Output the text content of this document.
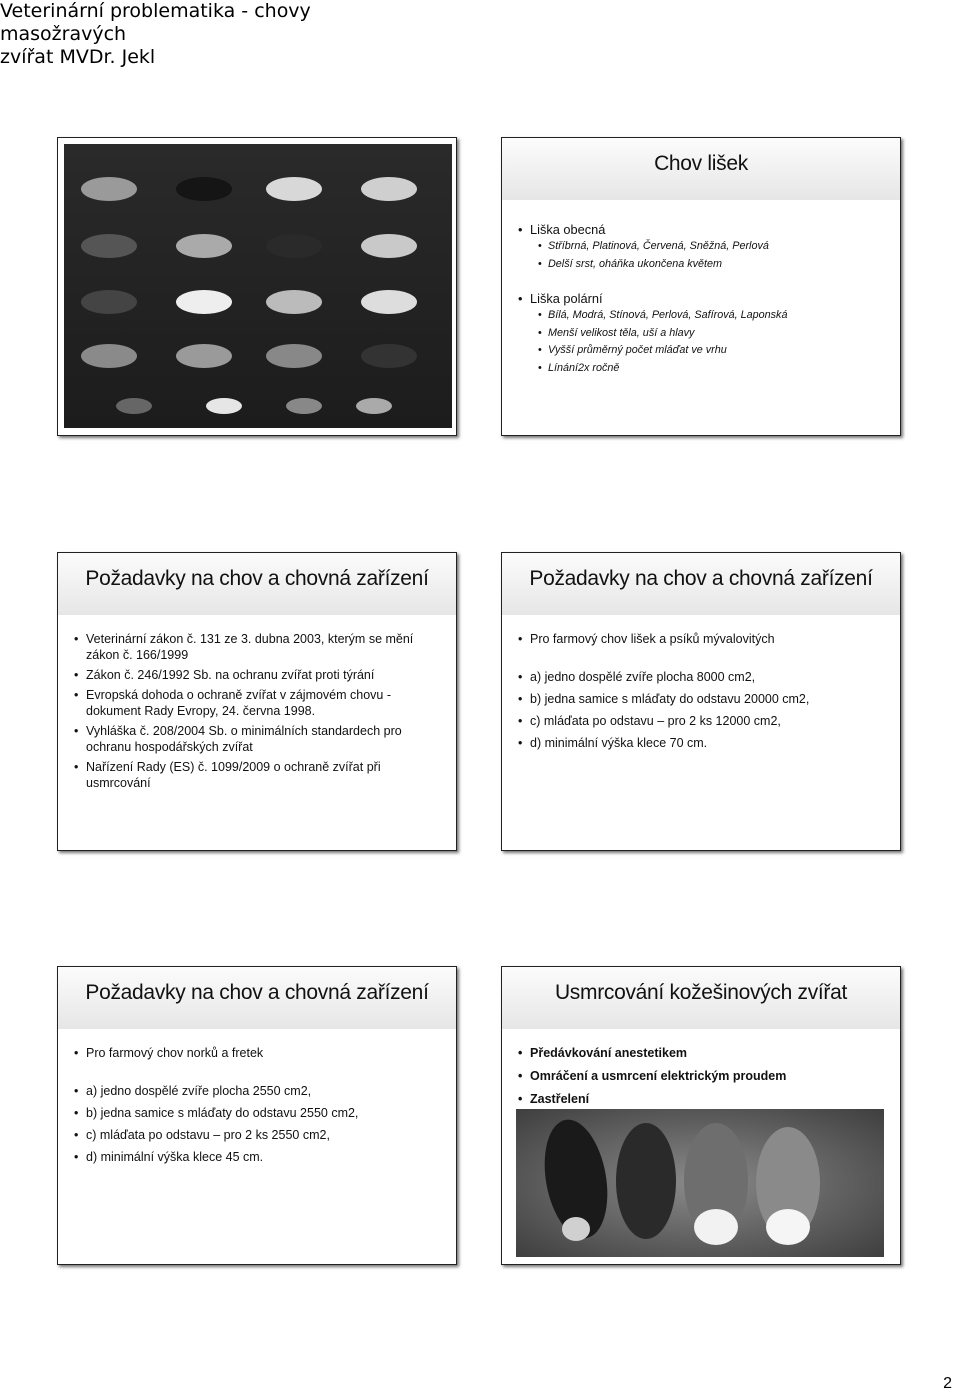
Veterinární problematika - chovy masožravých
zvířat MVDr. Jekl
Chov lišek
• Liška obecná
• Stříbrná, Platinová, Červená, Sněžná, Perlová
• Delší srst, oháňka ukončena květem
• Liška polární
• Bílá, Modrá, Stínová, Perlová, Safírová, Laponská
• Menší velikost těla, uší a hlavy
• Vyšší průměrný počet mláďat ve vrhu
• Línání2x ročně
Požadavky na chov a chovná zařízení
• Veterinární zákon č. 131 ze 3. dubna 2003, kterým se mění zákon č. 166/1999
• Zákon č. 246/1992 Sb. na ochranu zvířat proti týrání
• Evropská dohoda o ochraně zvířat v zájmovém chovu - dokument Rady Evropy, 24. června 1998.
• Vyhláška č. 208/2004 Sb. o minimálních standardech pro ochranu hospodářských zvířat
• Nařízení Rady (ES) č. 1099/2009 o ochraně zvířat při usmrcování
Požadavky na chov a chovná zařízení
• Pro farmový chov lišek a psíků mývalovitých
• a) jedno dospělé zvíře plocha 8000 cm2,
• b) jedna samice s mláďaty do odstavu 20000 cm2,
• c) mláďata po odstavu – pro 2 ks 12000 cm2,
• d) minimální výška klece 70 cm.
Požadavky na chov a chovná zařízení
• Pro farmový chov norků a fretek
• a) jedno dospělé zvíře plocha 2550 cm2,
• b) jedna samice s mláďaty do odstavu 2550 cm2,
• c) mláďata po odstavu – pro 2 ks 2550 cm2,
• d) minimální výška klece 45 cm.
Usmrcování kožešinových zvířat
• Předávkování anestetikem
• Omráčení a usmrcení elektrickým proudem
• Zastřelení
•
2
